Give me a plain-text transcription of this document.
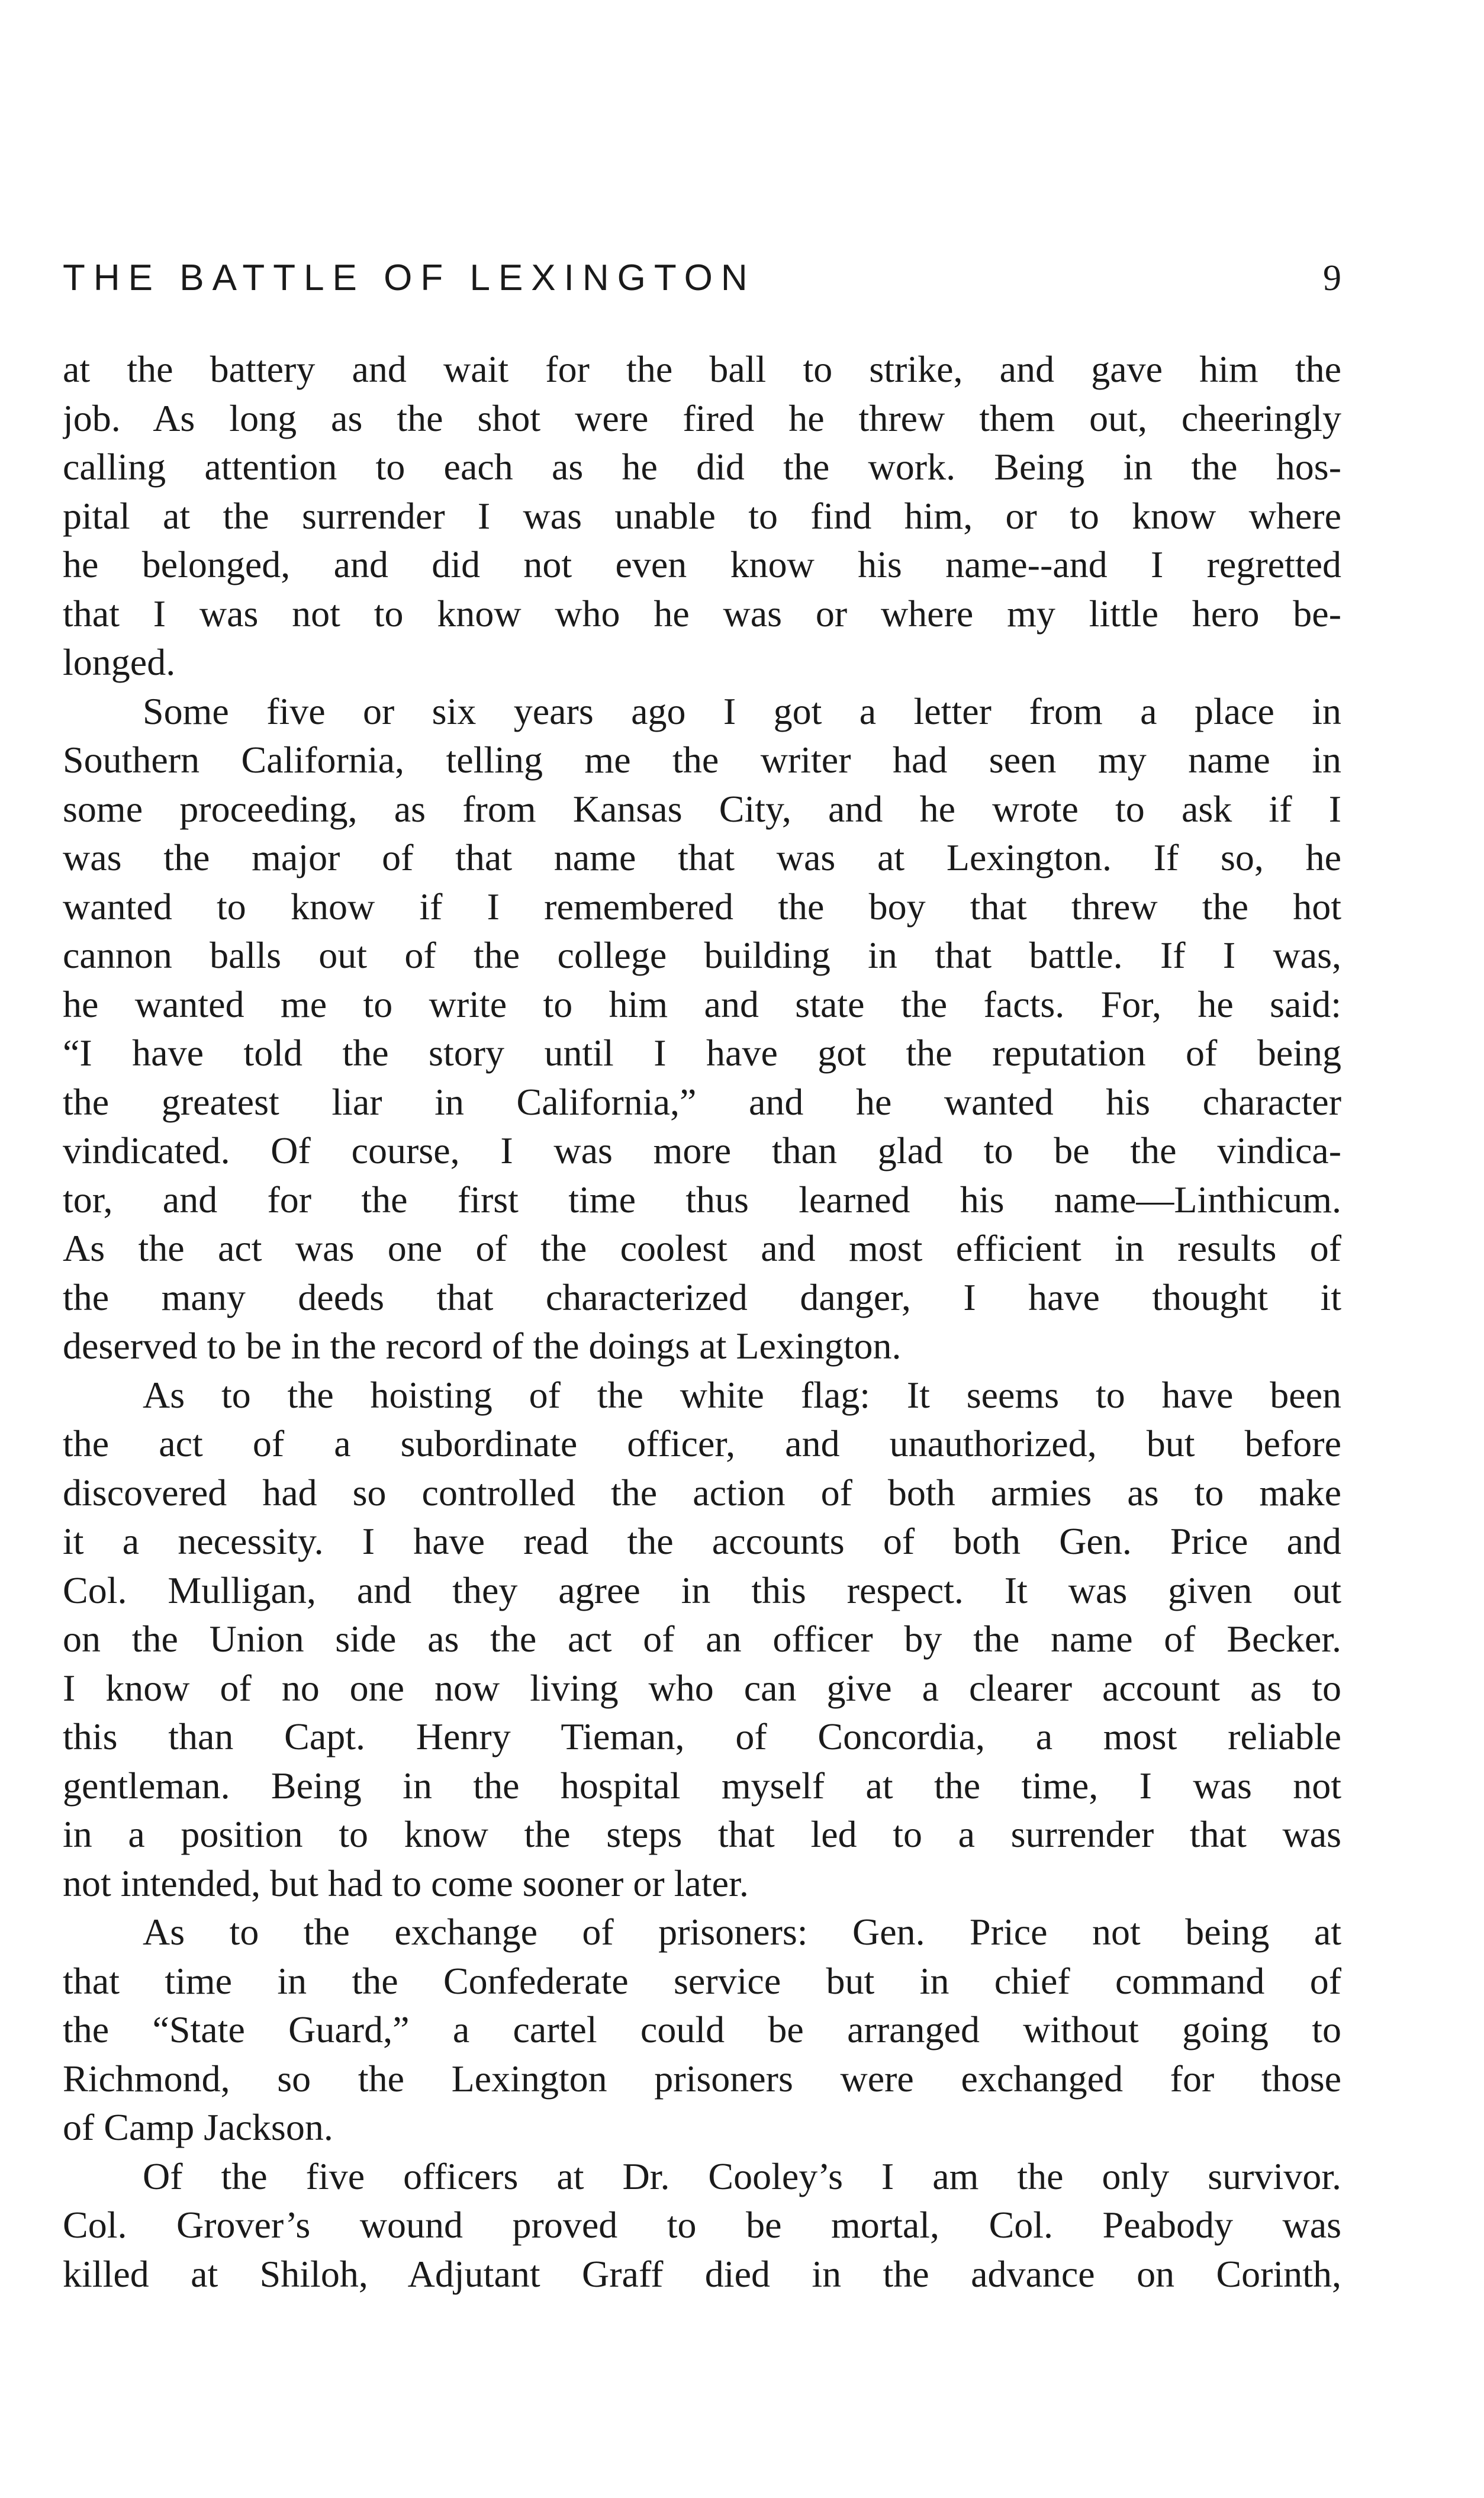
THE BATTLE OF LEXINGTON	9
at the battery and wait for the ball to strike, and gave him the
job. As long as the shot were fired he threw them out, cheeringly
calling attention to each as he did the work. Being in the hos-
pital at the surrender I was unable to find him, or to know where
he belonged, and did not even know his name--and I regretted
that I was not to know who he was or where my little hero be-
longed.
Some five or six years ago I got a letter from a place in
Southern California, telling me the writer had seen my name in
some proceeding, as from Kansas City, and he wrote to ask if I
was the major of that name that was at Lexington. If so, he
wanted to know if I remembered the boy that threw the hot
cannon balls out of the college building in that battle. If I was,
he wanted me to write to him and state the facts. For, he said:
“I have told the story until I have got the reputation of being
the greatest liar in California,” and he wanted his character
vindicated. Of course, I was more than glad to be the vindica-
tor, and for the first time thus learned his name—Linthicum.
As the act was one of the coolest and most efficient in results of
the many deeds that characterized danger, I have thought it
deserved to be in the record of the doings at Lexington.
As to the hoisting of the white flag: It seems to have been
the act of a subordinate officer, and unauthorized, but before
discovered had so controlled the action of both armies as to make
it a necessity. I have read the accounts of both Gen. Price and
Col. Mulligan, and they agree in this respect. It was given out
on the Union side as the act of an officer by the name of Becker.
I know of no one now living who can give a clearer account as to
this than Capt. Henry Tieman, of Concordia, a most reliable
gentleman. Being in the hospital myself at the time, I was not
in a position to know the steps that led to a surrender that was
not intended, but had to come sooner or later.
As to the exchange of prisoners: Gen. Price not being at
that time in the Confederate service but in chief command of
the “State Guard,” a cartel could be arranged without going to
Richmond, so the Lexington prisoners were exchanged for those
of Camp Jackson.
Of the five officers at Dr. Cooley’s I am the only survivor.
Col. Grover’s wound proved to be mortal, Col. Peabody was
killed at Shiloh, Adjutant Graff died in the advance on Corinth,
